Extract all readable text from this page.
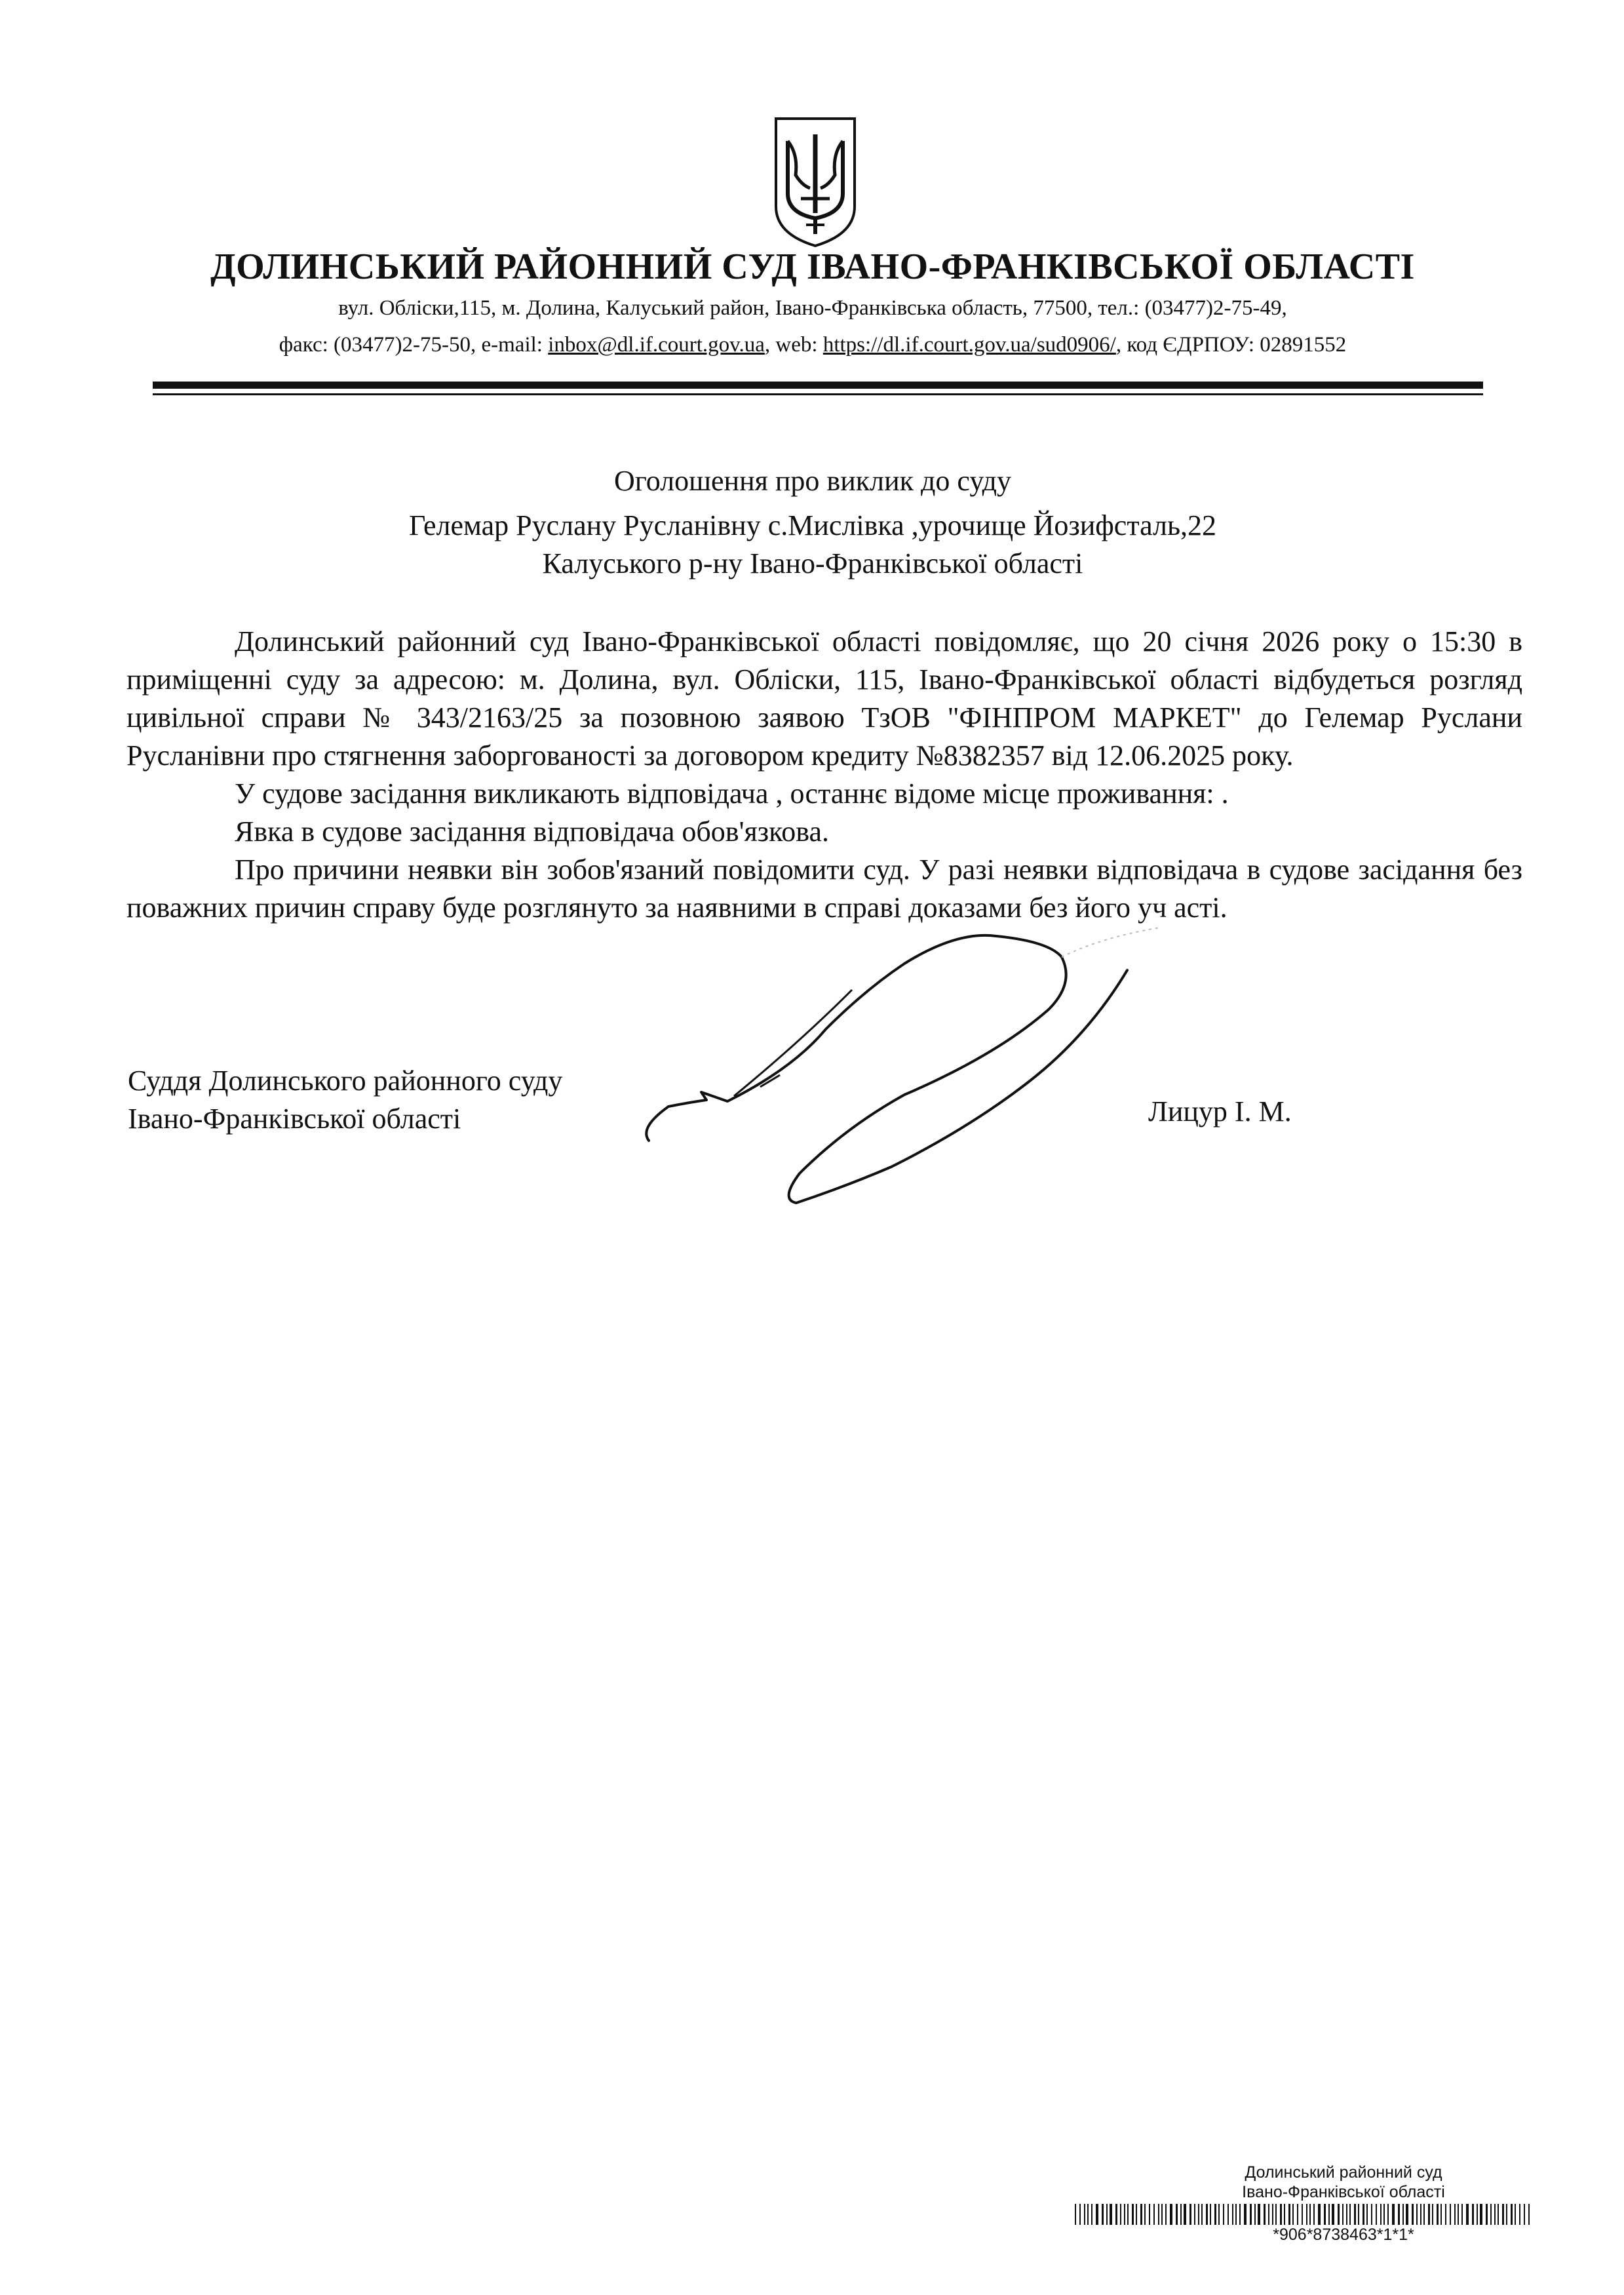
ДОЛИНСЬКИЙ РАЙОННИЙ СУД ІВАНО-ФРАНКІВСЬКОЇ ОБЛАСТІ
вул. Обліски,115, м. Долина, Калуський район, Івано-Франківська область, 77500, тел.: (03477)2-75-49,
факс: (03477)2-75-50, e-mail: inbox@dl.if.court.gov.ua, web: https://dl.if.court.gov.ua/sud0906/, код ЄДРПОУ: 02891552
Оголошення про виклик до суду
Гелемар Руслану Русланівну с.Мислівка ,урочище Йозифсталь,22
Калуського р-ну Івано-Франківської області

Долинський районний суд Івано-Франківської області повідомляє, що 20 січня 2026 року о 15:30 в приміщенні суду за адресою: м. Долина, вул. Обліски, 115, Івано-Франківської області відбудеться розгляд цивільної справи № 343/2163/25 за позовною заявою ТзОВ "ФІНПРОМ МАРКЕТ" до Гелемар Руслани Русланівни про стягнення заборгованості за договором кредиту №8382357 від 12.06.2025 року.

У судове засідання викликають відповідача , останнє відоме місце проживання: .

Явка в судове засідання відповідача обов'язкова.

Про причини неявки він зобов'язаний повідомити суд. У разі неявки відповідача в судове засідання без поважних причин справу буде розглянуто за наявними в справі доказами без його уч асті.

Суддя Долинського районного суду
Івано-Франківської області	Лицур І. М.
Долинський районний суд
Івано-Франківської області
*906*8738463*1*1*
